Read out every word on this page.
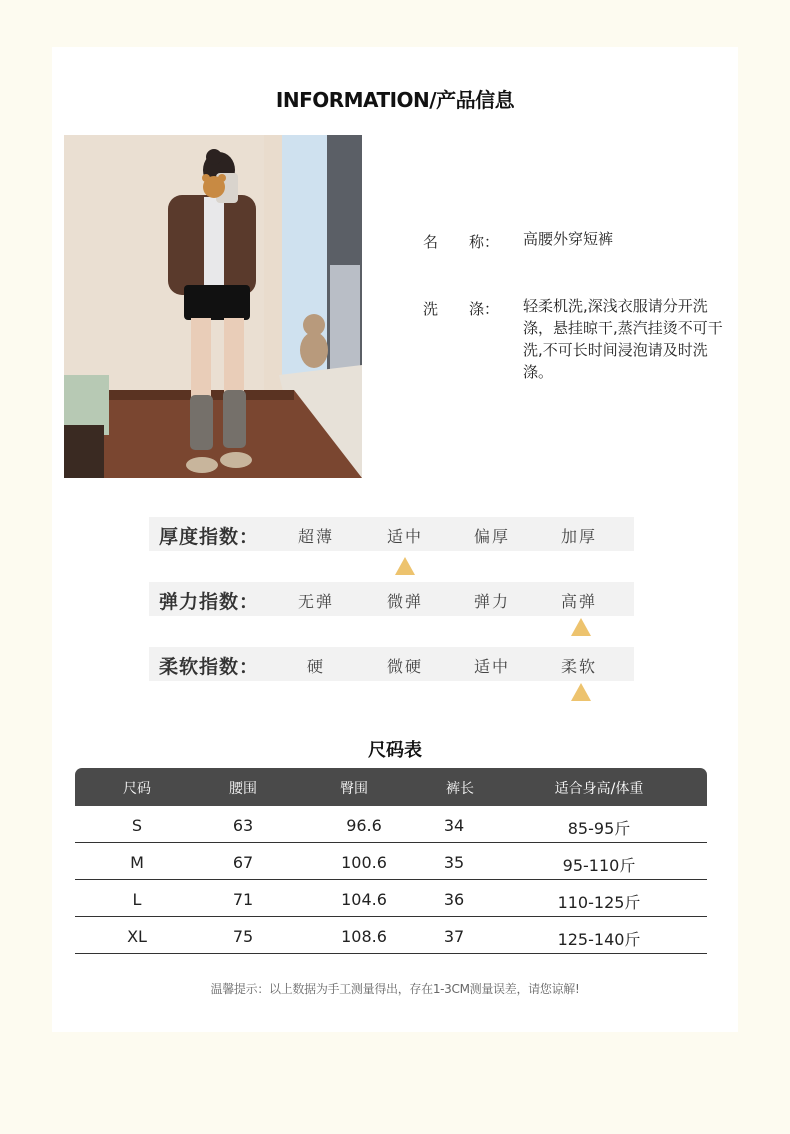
INFORMATION/产品信息
名 称： 高腰外穿短裤
洗 涤： 轻柔机洗,深浅衣服请分开洗涤，悬挂晾干,蒸汽挂烫不可干洗,不可长时间浸泡请及时洗涤。
厚度指数：	超薄	适中	偏厚	加厚
弹力指数：	无弹	微弹	弹力	高弹
柔软指数：	硬	微硬	适中	柔软
尺码表
尺码	腰围	臀围	裤长	适合身高/体重
S	63	96.6	34	85-95斤
M	67	100.6	35	95-110斤
L	71	104.6	36	110-125斤
XL	75	108.6	37	125-140斤
温馨提示：以上数据为手工测量得出，存在1-3CM测量误差，请您谅解!
